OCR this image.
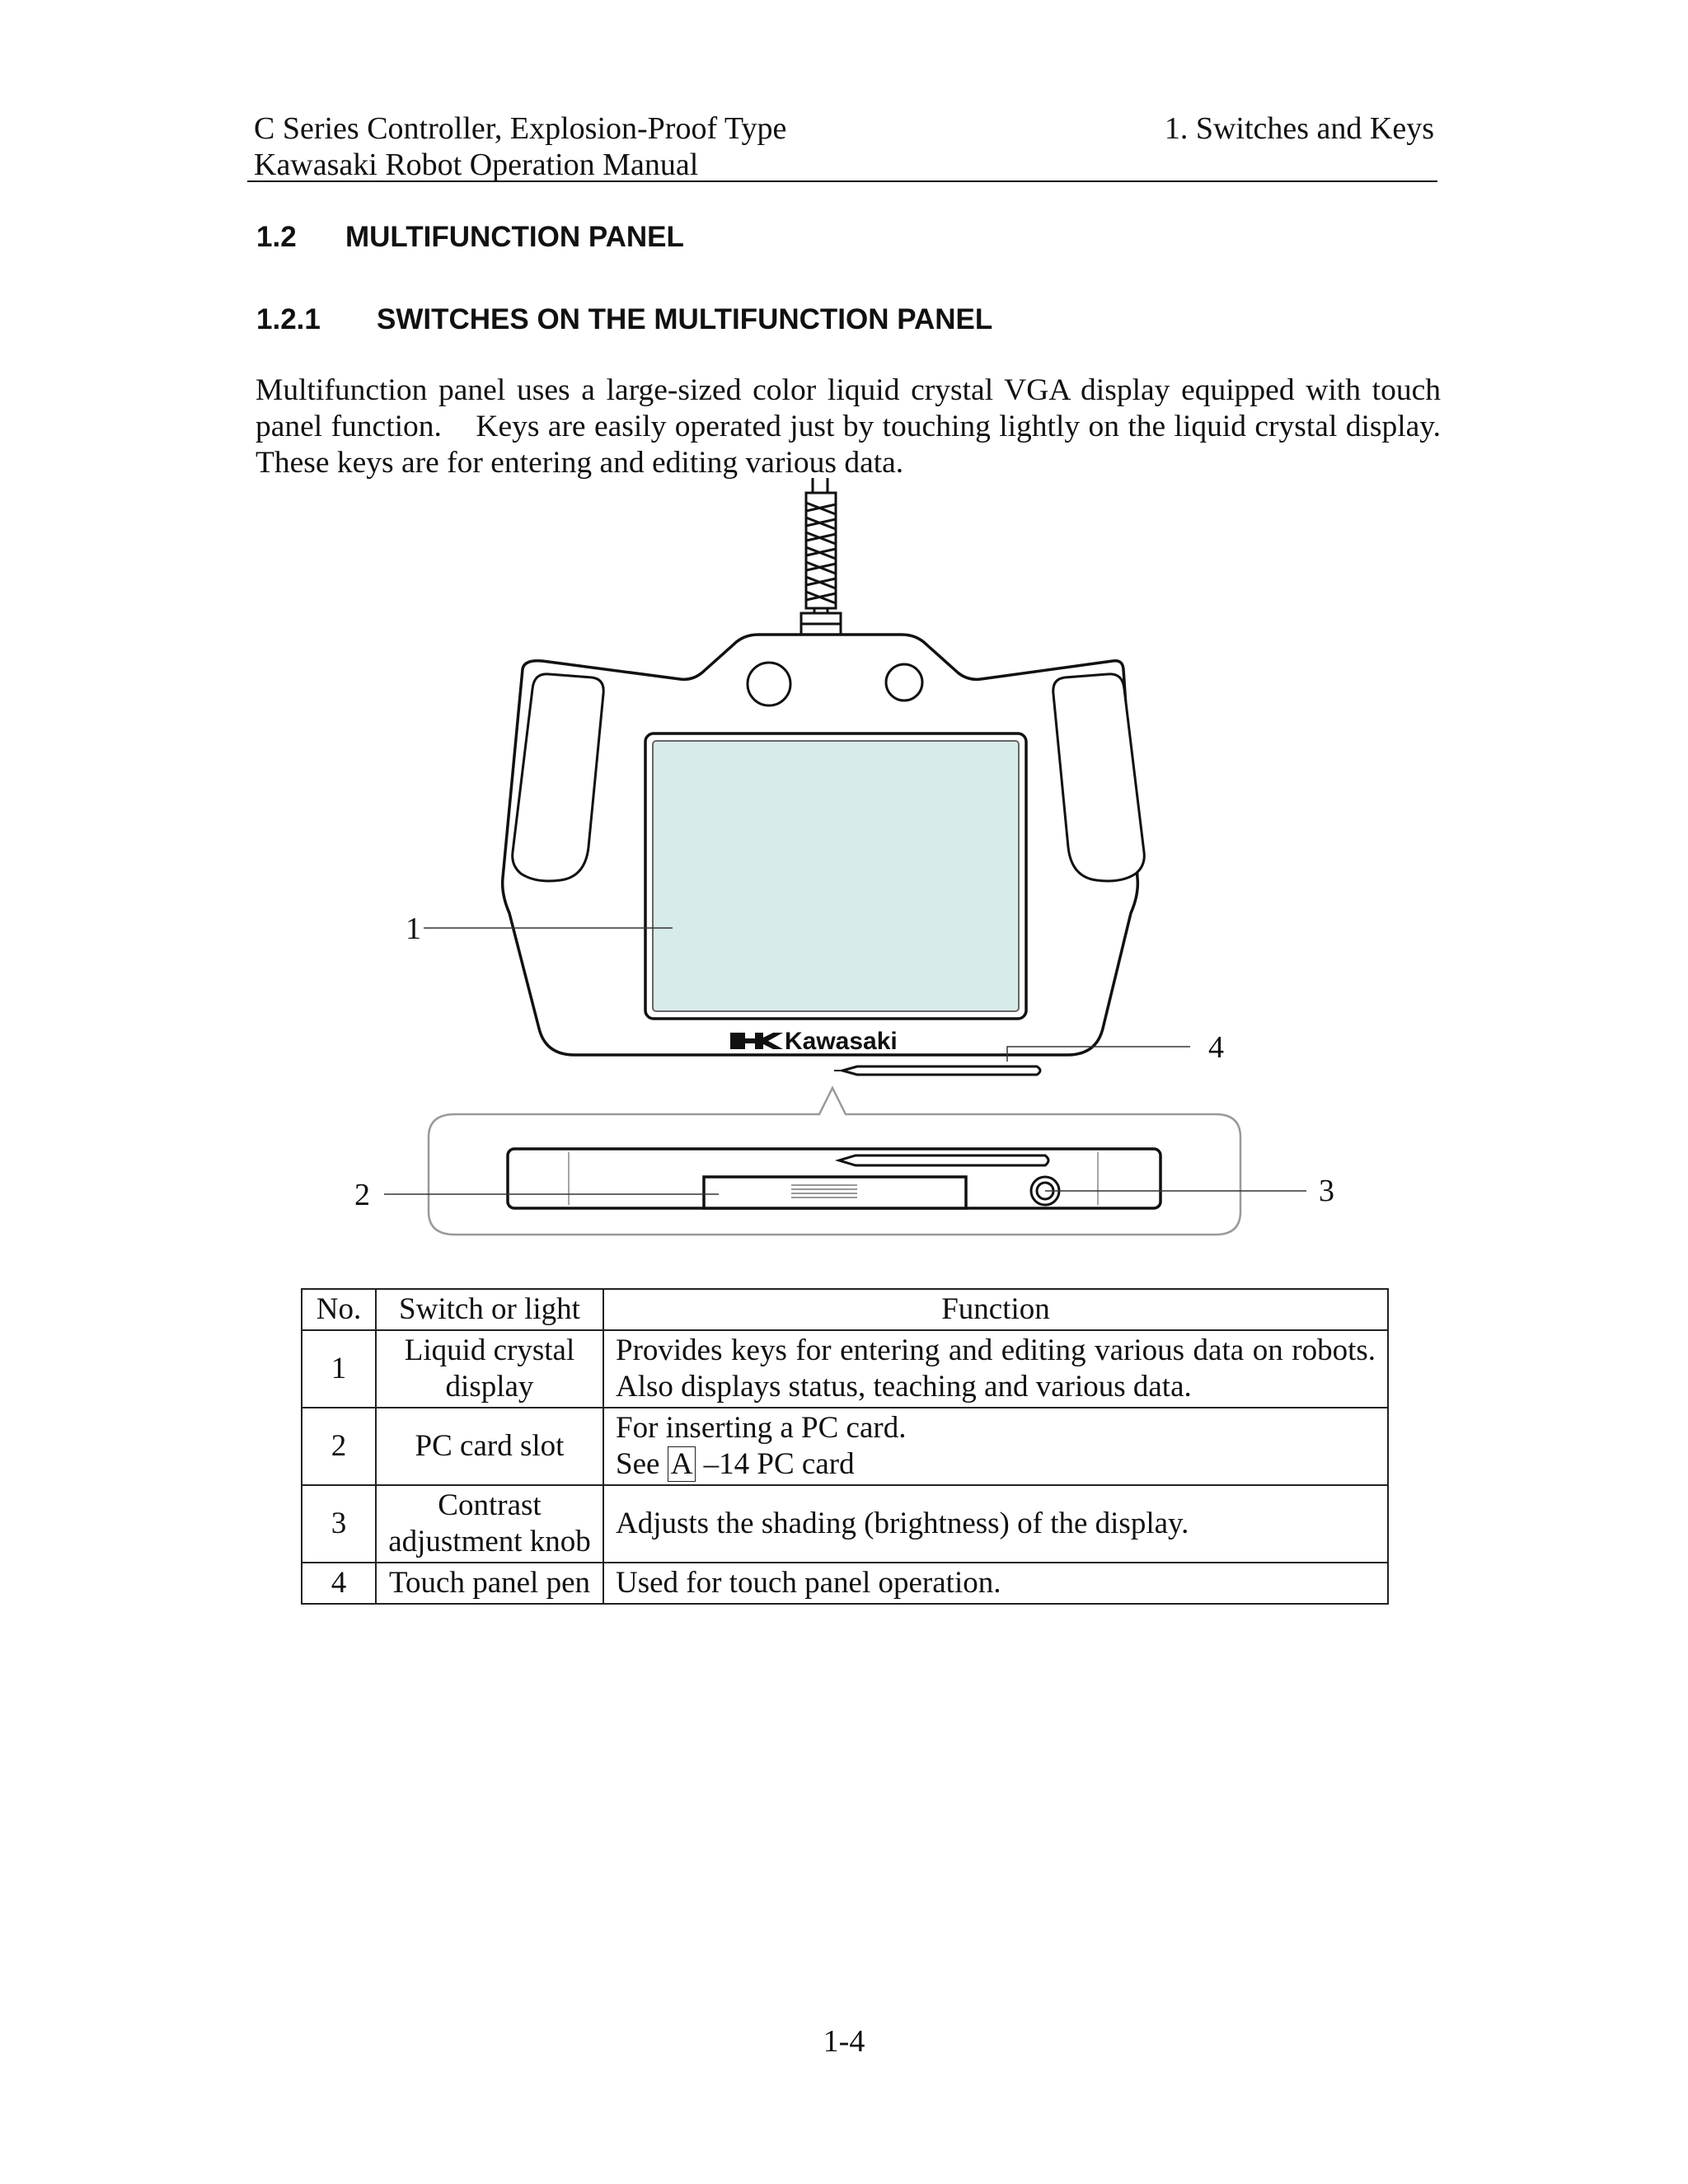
C Series Controller, Explosion-Proof Type
Kawasaki Robot Operation Manual
1. Switches and Keys
1.2 MULTIFUNCTION PANEL
1.2.1 SWITCHES ON THE MULTIFUNCTION PANEL

Multifunction panel uses a large-sized color liquid crystal VGA display equipped with touch panel function. Keys are easily operated just by touching lightly on the liquid crystal display. These keys are for entering and editing various data.

Kawasaki
1
2	3
4
No.	Switch or light	Function
1	Liquid crystal display	Provides keys for entering and editing various data on robots. Also displays status, teaching and various data.
2	PC card slot	For inserting a PC card.
See A –14 PC card

3	Contrast adjustment knob	Adjusts the shading (brightness) of the display.
4	Touch panel pen	Used for touch panel operation.
1-4
